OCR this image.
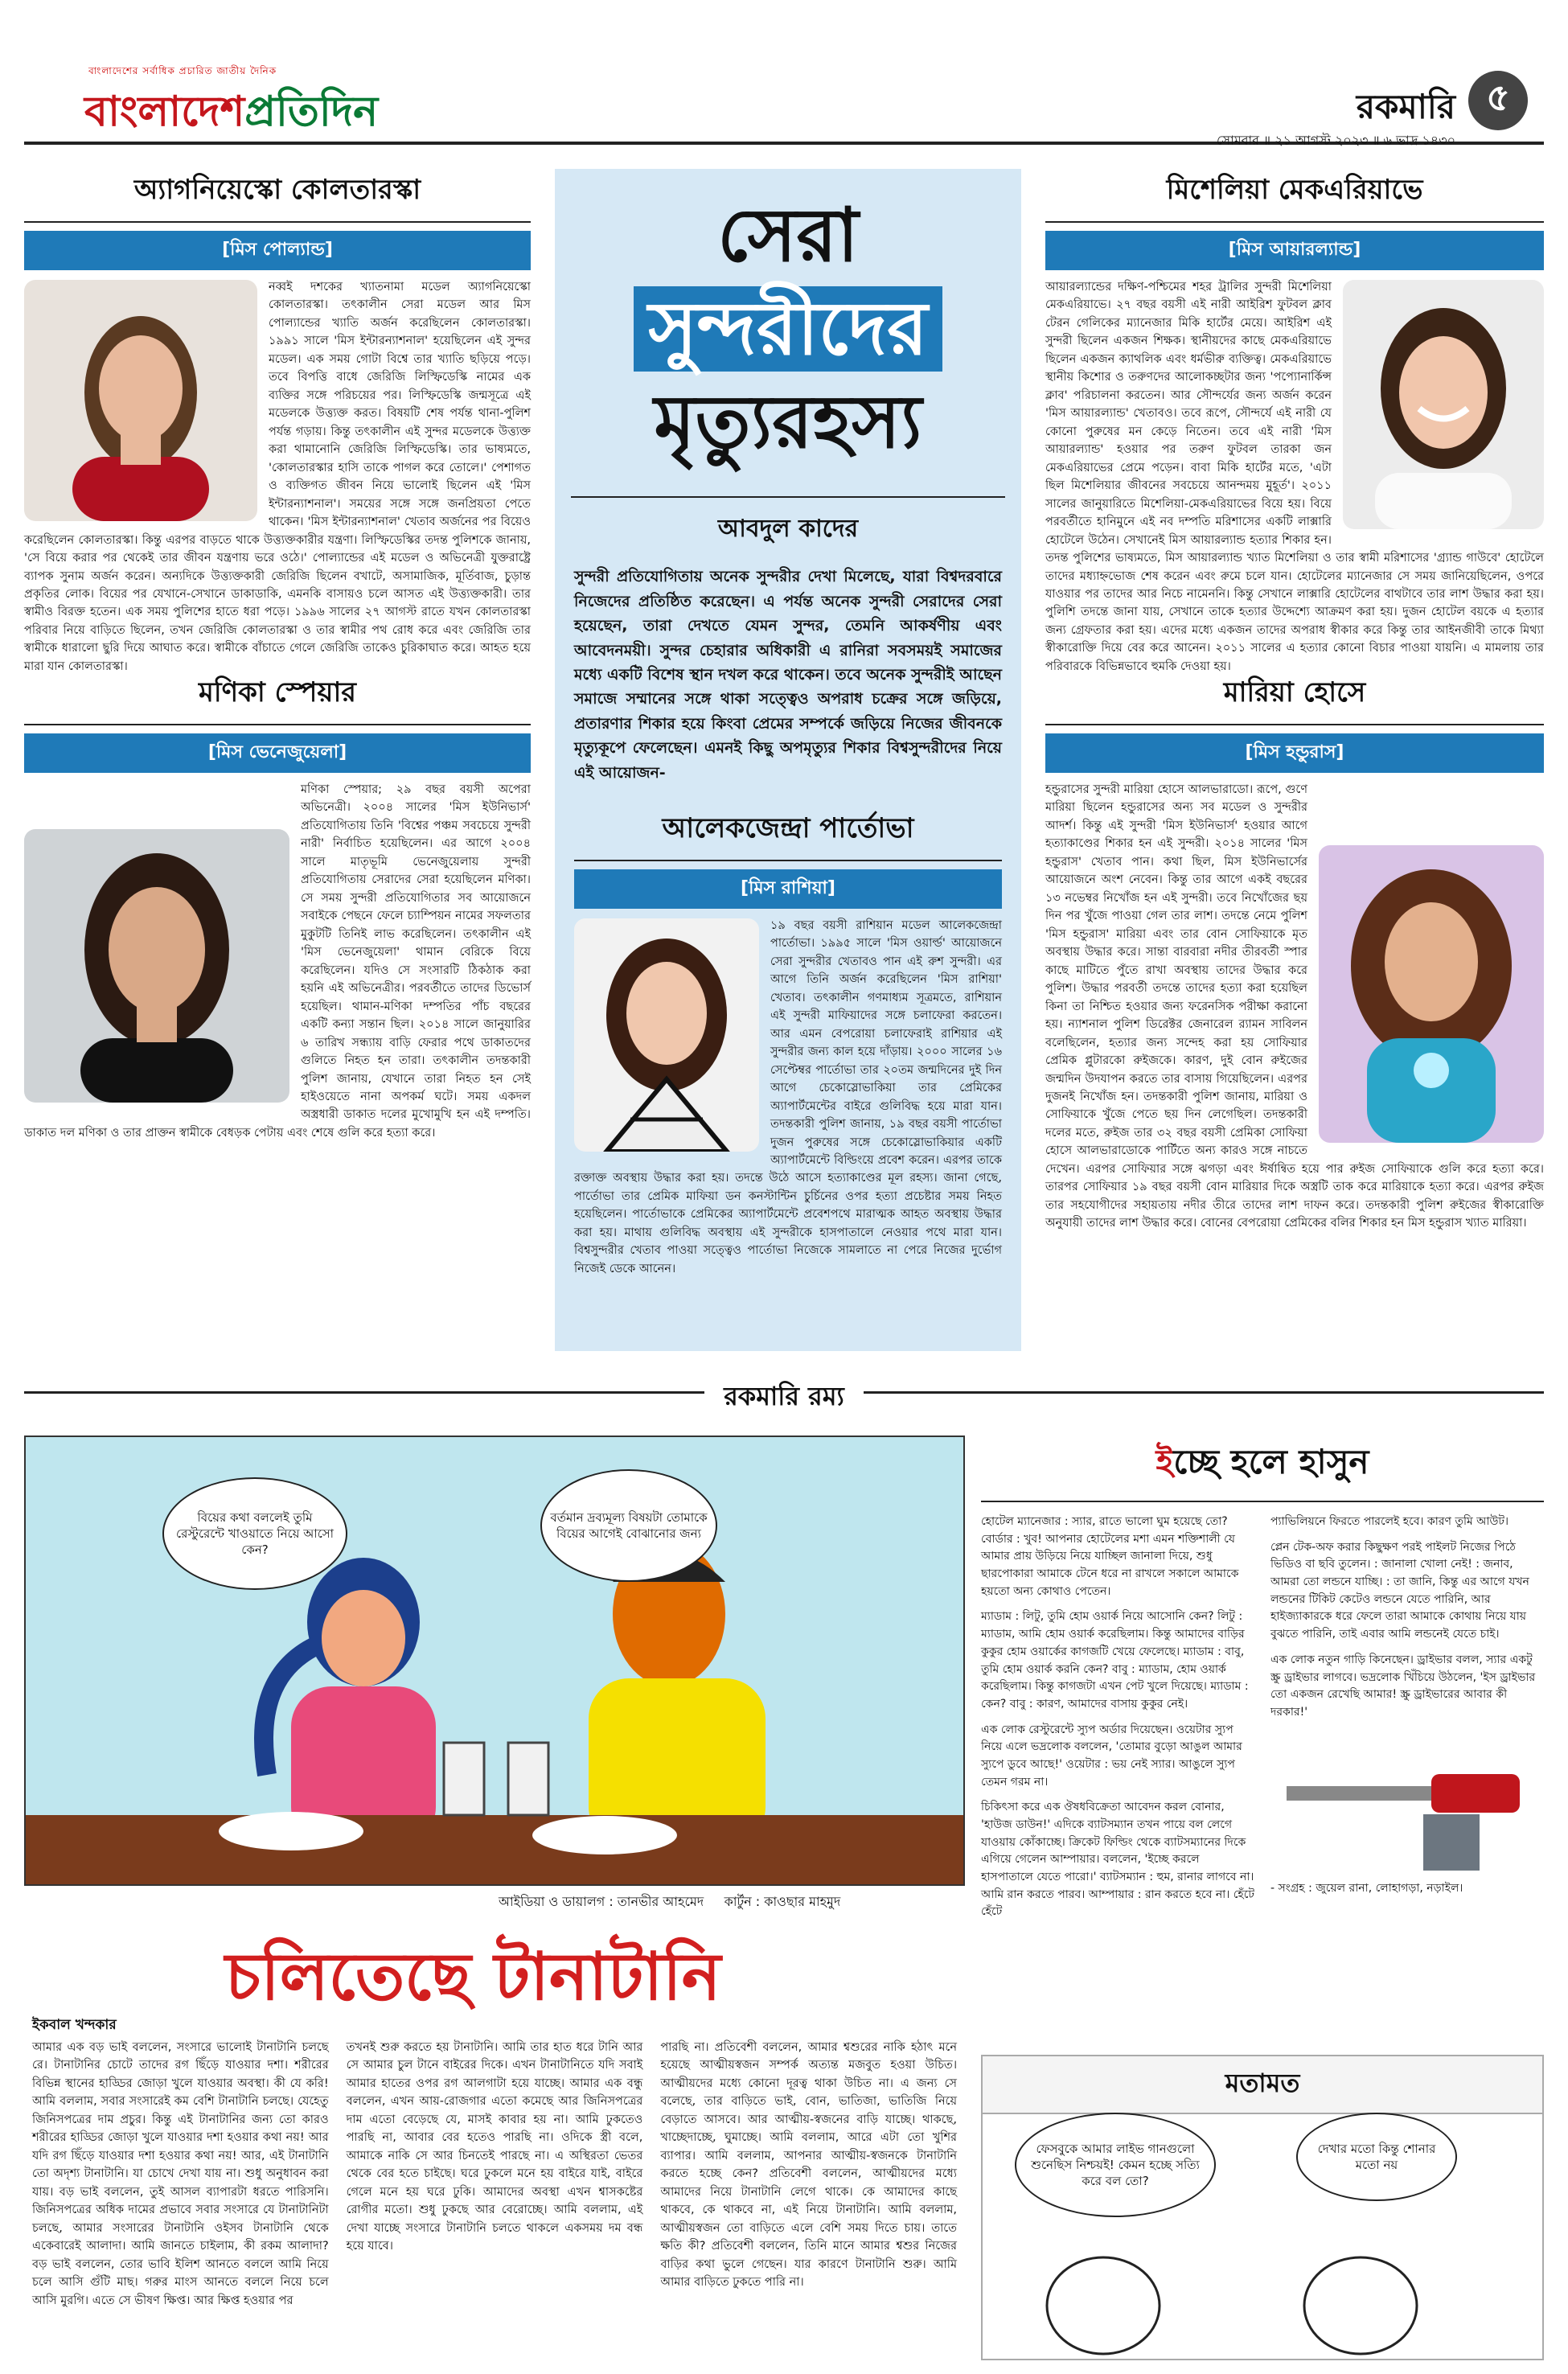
বাংলাদেশের সর্বাধিক প্রচারিত জাতীয় দৈনিক
বাংলাদেশপ্রতিদিন	রকমারি ৫
সোমবার ॥ ২১ আগস্ট ২০২৩ ॥ ৬ ভাদ্র ১৪৩০
অ্যাগনিয়েস্কো কোলতারস্কা
[মিস পোল্যান্ড]
নব্বই দশকের খ্যাতনামা মডেল অ্যাগনিয়েস্কো কোলতারস্কা। তৎকালীন সেরা মডেল আর মিস পোল্যান্ডের খ্যাতি অর্জন করেছিলেন কোলতারস্কা। ১৯৯১ সালে 'মিস ইন্টারন্যাশনাল' হয়েছিলেন এই সুন্দর মডেল। এক সময় গোটা বিশ্বে তার খ্যাতি ছড়িয়ে পড়ে। তবে বিপত্তি বাধে জেরিজি লিস্ফিডেস্কি নামের এক ব্যক্তির সঙ্গে পরিচয়ের পর। লিস্ফিডেস্কি জন্মসূত্রে এই মডেলকে উত্ত্যক্ত করত। বিষয়টি শেষ পর্যন্ত থানা-পুলিশ পর্যন্ত গড়ায়। কিন্তু তৎকালীন এই সুন্দর মডেলকে উত্ত্যক্ত করা থামানোনি জেরিজি লিস্ফিডেস্কি। তার ভাষ্যমতে, 'কোলতারস্কার হাসি তাকে পাগল করে তোলে।' পেশাগত ও ব্যক্তিগত জীবন নিয়ে ভালোই ছিলেন এই 'মিস ইন্টারন্যাশনাল'। সময়ের সঙ্গে সঙ্গে জনপ্রিয়তা পেতে থাকেন। 'মিস ইন্টারন্যাশনাল' খেতাব অর্জনের পর বিয়েও করেছিলেন কোলতারস্কা। কিন্তু এরপর বাড়তে থাকে উত্ত্যক্তকারীর যন্ত্রণা। লিস্ফিডেস্কির তদন্ত পুলিশকে জানায়, 'সে বিয়ে করার পর থেকেই তার জীবন যন্ত্রণায় ভরে ওঠে।' পোল্যান্ডের এই মডেল ও অভিনেত্রী যুক্তরাষ্ট্রে ব্যাপক সুনাম অর্জন করেন। অন্যদিকে উত্ত্যক্তকারী জেরিজি ছিলেন বখাটে, অসামাজিক, মূর্তিবাজ, চুড়ান্ত প্রকৃতির লোক। বিয়ের পর যেখানে-সেখানে ডাকাডাকি, এমনকি বাসায়ও চলে আসত এই উত্ত্যক্তকারী। তার স্বামীও বিরক্ত হতেন। এক সময় পুলিশের হাতে ধরা পড়ে। ১৯৯৬ সালের ২৭ আগস্ট রাতে যখন কোলতারস্কা পরিবার নিয়ে বাড়িতে ছিলেন, তখন জেরিজি কোলতারস্কা ও তার স্বামীর পথ রোধ করে এবং জেরিজি তার স্বামীকে ধারালো ছুরি দিয়ে আঘাত করে। স্বামীকে বাঁচাতে গেলে জেরিজি তাকেও চুরিকাঘাত করে। আহত হয়ে মারা যান কোলতারস্কা।
মণিকা স্পেয়ার
[মিস ভেনেজুয়েলা]
মণিকা স্পেয়ার; ২৯ বছর বয়সী অপেরা অভিনেত্রী। ২০০৪ সালের 'মিস ইউনিভার্স' প্রতিযোগিতায় তিনি 'বিশ্বের পঞ্চম সবচেয়ে সুন্দরী নারী' নির্বাচিত হয়েছিলেন। এর আগে ২০০৪ সালে মাতৃভূমি ভেনেজুয়েলায় সুন্দরী প্রতিযোগিতায় সেরাদের সেরা হয়েছিলেন মণিকা। সে সময় সুন্দরী প্রতিযোগিতার সব আয়োজনে সবাইকে পেছনে ফেলে চ্যাম্পিয়ন নামের সফলতার মুকুটটি তিনিই লাভ করেছিলেন। তৎকালীন এই 'মিস ভেনেজুয়েলা' থামান বেরিকে বিয়ে করেছিলেন। যদিও সে সংসারটি ঠিকঠাক করা হয়নি এই অভিনেত্রীর। পরবর্তীতে তাদের ডিভোর্স হয়েছিল। থামান-মণিকা দম্পতির পাঁচ বছরের একটি কন্যা সন্তান ছিল। ২০১৪ সালে জানুয়ারির ৬ তারিখ সন্ধ্যায় বাড়ি ফেরার পথে ডাকাতদের গুলিতে নিহত হন তারা। তৎকালীন তদন্তকারী পুলিশ জানায়, যেখানে তারা নিহত হন সেই হাইওয়েতে নানা অপকর্ম ঘটে। সময় একদল অস্ত্রধারী ডাকাত দলের মুখোমুখি হন এই দম্পতি। ডাকাত দল মণিকা ও তার প্রাক্তন স্বামীকে বেধড়ক পেটায় এবং শেষে গুলি করে হত্যা করে।
সেরা
সুন্দরীদের
মৃত্যুরহস্য
আবদুল কাদের
সুন্দরী প্রতিযোগিতায় অনেক সুন্দরীর দেখা মিলেছে, যারা বিশ্বদরবারে নিজেদের প্রতিষ্ঠিত করেছেন। এ পর্যন্ত অনেক সুন্দরী সেরাদের সেরা হয়েছেন, তারা দেখতে যেমন সুন্দর, তেমনি আকর্ষণীয় এবং আবেদনময়ী। সুন্দর চেহারার অধিকারী এ রানিরা সবসময়ই সমাজের মধ্যে একটি বিশেষ স্থান দখল করে থাকেন। তবে অনেক সুন্দরীই আছেন সমাজে সম্মানের সঙ্গে থাকা সত্ত্বেও অপরাধ চক্রের সঙ্গে জড়িয়ে, প্রতারণার শিকার হয়ে কিংবা প্রেমের সম্পর্কে জড়িয়ে নিজের জীবনকে মৃত্যুকূপে ফেলেছেন। এমনই কিছু অপমৃত্যুর শিকার বিশ্বসুন্দরীদের নিয়ে এই আয়োজন-
আলেকজেন্দ্রা পার্তোভা
[মিস রাশিয়া]
১৯ বছর বয়সী রাশিয়ান মডেল আলেকজেন্দ্রা পার্তোভা। ১৯৯৫ সালে 'মিস ওয়ার্ল্ড' আয়োজনে সেরা সুন্দরীর খেতাবও পান এই রুশ সুন্দরী। এর আগে তিনি অর্জন করেছিলেন 'মিস রাশিয়া' খেতাব। তৎকালীন গণমাধ্যম সূত্রমতে, রাশিয়ান এই সুন্দরী মাফিয়াদের সঙ্গে চলাফেরা করতেন। আর এমন বেপরোয়া চলাফেরাই রাশিয়ার এই সুন্দরীর জন্য কাল হয়ে দাঁড়ায়। ২০০০ সালের ১৬ সেপ্টেম্বর পার্তোভা তার ২০তম জন্মদিনের দুই দিন আগে চেকোস্লোভাকিয়া তার প্রেমিকের অ্যাপার্টমেন্টের বাইরে গুলিবিদ্ধ হয়ে মারা যান। তদন্তকারী পুলিশ জানায়, ১৯ বছর বয়সী পার্তোভা দুজন পুরুষের সঙ্গে চেকোস্লোভাকিয়ার একটি অ্যাপার্টমেন্টে বিল্ডিংয়ে প্রবেশ করেন। এরপর তাকে রক্তাক্ত অবস্থায় উদ্ধার করা হয়। তদন্তে উঠে আসে হত্যাকাণ্ডের মূল রহস্য। জানা গেছে, পার্তোভা তার প্রেমিক মাফিয়া ডন কনস্টান্টিন চুর্চিনের ওপর হত্যা প্রচেষ্টার সময় নিহত হয়েছিলেন। পার্তোভাকে প্রেমিকের অ্যাপার্টমেন্টে প্রবেশপথে মারাত্মক আহত অবস্থায় উদ্ধার করা হয়। মাথায় গুলিবিদ্ধ অবস্থায় এই সুন্দরীকে হাসপাতালে নেওয়ার পথে মারা যান। বিশ্বসুন্দরীর খেতাব পাওয়া সত্ত্বেও পার্তোভা নিজেকে সামলাতে না পেরে নিজের দুর্ভোগ নিজেই ডেকে আনেন।
মিশেলিয়া মেকএরিয়াভে
[মিস আয়ারল্যান্ড]
আয়ারল্যান্ডের দক্ষিণ-পশ্চিমের শহর ট্রালির সুন্দরী মিশেলিয়া মেকএরিয়াভে। ২৭ বছর বয়সী এই নারী আইরিশ ফুটবল ক্লাব টেরন গেলিকের ম্যানেজার মিকি হার্টের মেয়ে। আইরিশ এই সুন্দরী ছিলেন একজন শিক্ষক। স্থানীয়দের কাছে মেকএরিয়াভে ছিলেন একজন ক্যাথলিক এবং ধর্মভীরু ব্যক্তিত্ব। মেকএরিয়াভে স্থানীয় কিশোর ও তরুণদের আলোকচ্ছটার জন্য 'পপ্যোনার্কিন্স ক্লাব' পরিচালনা করতেন। আর সৌন্দর্যের জন্য অর্জন করেন 'মিস আয়ারল্যান্ড' খেতাবও। তবে রূপে, সৌন্দর্যে এই নারী যে কোনো পুরুষের মন কেড়ে নিতেন। তবে এই নারী 'মিস আয়ারল্যান্ড' হওয়ার পর তরুণ ফুটবল তারকা জন মেকএরিয়াভের প্রেমে পড়েন। বাবা মিকি হার্টের মতে, 'এটা ছিল মিশেলিয়ার জীবনের সবচেয়ে আনন্দময় মুহূর্ত'। ২০১১ সালের জানুয়ারিতে মিশেলিয়া-মেকএরিয়াভের বিয়ে হয়। বিয়ে পরবর্তীতে হানিমুনে এই নব দম্পতি মরিশাসের একটি লাক্সারি হোটেলে উঠেন। সেখানেই মিস আয়ারল্যান্ড হত্যার শিকার হন। তদন্ত পুলিশের ভাষ্যমতে, মিস আয়ারল্যান্ড খ্যাত মিশেলিয়া ও তার স্বামী মরিশাসের 'গ্র্যান্ড গাউবে' হোটেলে তাদের মধ্যাহ্নভোজ শেষ করেন এবং রুমে চলে যান। হোটেলের ম্যানেজার সে সময় জানিয়েছিলেন, ওপরে যাওয়ার পর তাদের আর নিচে নামেননি। কিন্তু সেখানে লাক্সারি হোটেলের বাথটাবে তার লাশ উদ্ধার করা হয়। পুলিশি তদন্তে জানা যায়, সেখানে তাকে হত্যার উদ্দেশ্যে আক্রমণ করা হয়। দুজন হোটেল বয়কে এ হত্যার জন্য গ্রেফতার করা হয়। এদের মধ্যে একজন তাদের অপরাধ স্বীকার করে কিন্তু তার আইনজীবী তাকে মিথ্যা স্বীকারোক্তি দিয়ে বের করে আনেন। ২০১১ সালের এ হত্যার কোনো বিচার পাওয়া যায়নি। এ মামলায় তার পরিবারকে বিভিন্নভাবে হুমকি দেওয়া হয়।
মারিয়া হোসে
[মিস হন্ডুরাস]
হন্ডুরাসের সুন্দরী মারিয়া হোসে আলভারাডো। রূপে, গুণে মারিয়া ছিলেন হন্ডুরাসের অন্য সব মডেল ও সুন্দরীর আদর্শ। কিন্তু এই সুন্দরী 'মিস ইউনিভার্স' হওয়ার আগে হত্যাকাণ্ডের শিকার হন এই সুন্দরী। ২০১৪ সালের 'মিস হন্ডুরাস' খেতাব পান। কথা ছিল, মিস ইউনিভার্সের আয়োজনে অংশ নেবেন। কিন্তু তার আগে একই বছরের ১৩ নভেম্বর নিখোঁজ হন এই সুন্দরী। তবে নিখোঁজের ছয় দিন পর খুঁজে পাওয়া গেল তার লাশ। তদন্তে নেমে পুলিশ 'মিস হন্ডুরাস' মারিয়া এবং তার বোন সোফিয়াকে মৃত অবস্থায় উদ্ধার করে। সান্তা বারবারা নদীর তীরবর্তী স্পার কাছে মাটিতে পুঁতে রাখা অবস্থায় তাদের উদ্ধার করে পুলিশ। উদ্ধার পরবর্তী তদন্তে তাদের হত্যা করা হয়েছিল কিনা তা নিশ্চিত হওয়ার জন্য ফরেনসিক পরীক্ষা করানো হয়। ন্যাশনাল পুলিশ ডিরেক্টর জেনারেল র‍্যামন সাবিলন বলেছিলেন, হত্যার জন্য সন্দেহ করা হয় সোফিয়ার প্রেমিক প্লুটারকো রুইজকে। কারণ, দুই বোন রুইজের জন্মদিন উদযাপন করতে তার বাসায় গিয়েছিলেন। এরপর দুজনই নিখোঁজ হন। তদন্তকারী পুলিশ জানায়, মারিয়া ও সোফিয়াকে খুঁজে পেতে ছয় দিন লেগেছিল। তদন্তকারী দলের মতে, রুইজ তার ৩২ বছর বয়সী প্রেমিকা সোফিয়া হোসে আলভারাডোকে পার্টিতে অন্য কারও সঙ্গে নাচতে দেখেন। এরপর সোফিয়ার সঙ্গে ঝগড়া এবং ঈর্ষান্বিত হয়ে পার রুইজ সোফিয়াকে গুলি করে হত্যা করে। তারপর সোফিয়ার ১৯ বছর বয়সী বোন মারিয়ার দিকে অস্ত্রটি তাক করে মারিয়াকে হত্যা করে। এরপর রুইজ তার সহযোগীদের সহায়তায় নদীর তীরে তাদের লাশ দাফন করে। তদন্তকারী পুলিশ রুইজের স্বীকারোক্তি অনুযায়ী তাদের লাশ উদ্ধার করে। বোনের বেপরোয়া প্রেমিকের বলির শিকার হন মিস হন্ডুরাস খ্যাত মারিয়া।
রকমারি রম্য
বিয়ের কথা বললেই তুমি রেস্টুরেন্টে খাওয়াতে নিয়ে আসো কেন?
বর্তমান দ্রব্যমূল্য বিষয়টা তোমাকে বিয়ের আগেই বোঝানোর জন্য
আইডিয়া ও ডায়ালগ : তানভীর আহমেদ কার্টুন : কাওছার মাহমুদ
ইচ্ছে হলে হাসুন

হোটেল ম্যানেজার : স্যার, রাতে ভালো ঘুম হয়েছে তো? বোর্ডার : খুব! আপনার হোটেলের মশা এমন শক্তিশালী যে আমার প্রায় উড়িয়ে নিয়ে যাচ্ছিল জানালা দিয়ে, শুধু ছারপোকারা আমাকে টেনে ধরে না রাখলে সকালে আমাকে হয়তো অন্য কোথাও পেতেন।

ম্যাডাম : লিটু, তুমি হোম ওয়ার্ক নিয়ে আসোনি কেন? লিটু : ম্যাডাম, আমি হোম ওয়ার্ক করেছিলাম। কিন্তু আমাদের বাড়ির কুকুর হোম ওয়ার্কের কাগজটি খেয়ে ফেলেছে। ম্যাডাম : বাবু, তুমি হোম ওয়ার্ক করনি কেন? বাবু : ম্যাডাম, হোম ওয়ার্ক করেছিলাম। কিন্তু কাগজটা এখন পেট খুলে দিয়েছে। ম্যাডাম : কেন? বাবু : কারণ, আমাদের বাসায় কুকুর নেই।

এক লোক রেস্টুরেন্টে স্যুপ অর্ডার দিয়েছেন। ওয়েটার স্যুপ নিয়ে এলে ভদ্রলোক বললেন, 'তোমার বুড়ো আঙুল আমার স্যুপে ডুবে আছে!' ওয়েটার : ভয় নেই স্যার। আঙুলে স্যুপ তেমন গরম না।

চিকিৎসা করে এক ঔষধবিক্রেতা আবেদন করল বোনার, 'হাউজ ডাউন!' এদিকে ব্যাটসম্যান তখন পায়ে বল লেগে যাওয়ায় কোঁকাচ্ছে। ক্রিকেট ফিল্ডিং থেকে ব্যাটসম্যানের দিকে এগিয়ে গেলেন আম্পায়ার। বললেন, 'ইচ্ছে করলে হাসপাতালে যেতে পারো।' ব্যাটসম্যান : হুম, রানার লাগবে না। আমি রান করতে পারব। আম্পায়ার : রান করতে হবে না। হেঁটে হেঁটে

প্যাভিলিয়নে ফিরতে পারলেই হবে। কারণ তুমি আউট।

প্লেন টেক-অফ করার কিছুক্ষণ পরই পাইলট নিজের পিঠে ভিডিও বা ছবি তুলেন। : জানালা খোলা নেই! : জনাব, আমরা তো লন্ডনে যাচ্ছি। : তা জানি, কিন্তু এর আগে যখন লন্ডনের টিকিট কেটেও লন্ডনে যেতে পারিনি, আর হাইজ্যাকারকে ধরে ফেলে তারা আমাকে কোথায় নিয়ে যায় বুঝতে পারিনি, তাই এবার আমি লন্ডনেই যেতে চাই।

এক লোক নতুন গাড়ি কিনেছেন। ড্রাইভার বলল, স্যার একটু স্ক্রু ড্রাইভার লাগবে। ভদ্রলোক খিঁচিয়ে উঠলেন, 'ইস ড্রাইভার তো একজন রেখেছি আমার! স্ক্রু ড্রাইভারের আবার কী দরকার!'

- সংগ্রহ : জুয়েল রানা, লোহাগড়া, নড়াইল।

চলিতেছে টানাটানি
ইকবাল খন্দকার
আমার এক বড় ভাই বললেন, সংসারে ভালোই টানাটানি চলছে রে। টানাটানির চোটে তাদের রগ ছিঁড়ে যাওয়ার দশা। শরীরের বিভিন্ন স্থানের হাড্ডির জোড়া খুলে যাওয়ার অবস্থা। কী যে করি! আমি বললাম, সবার সংসারেই কম বেশি টানাটানি চলছে। যেহেতু জিনিসপত্রের দাম প্রচুর। কিন্তু এই টানাটানির জন্য তো কারও শরীরের হাড্ডির জোড়া খুলে যাওয়ার দশা হওয়ার কথা নয়! আর যদি রগ ছিঁড়ে যাওয়ার দশা হওয়ার কথা নয়! আর, এই টানাটানি তো অদৃশ্য টানাটানি। যা চোখে দেখা যায় না। শুধু অনুধাবন করা যায়। বড় ভাই বললেন, তুই আসল ব্যাপারটা ধরতে পারিসনি। জিনিসপত্রের অধিক দামের প্রভাবে সবার সংসারে যে টানাটানিটা চলছে, আমার সংসারের টানাটানি ওইসব টানাটানি থেকে একেবারেই আলাদা। আমি জানতে চাইলাম, কী রকম আলাদা? বড় ভাই বললেন, তোর ভাবি ইলিশ আনতে বললে আমি নিয়ে চলে আসি গুঁটি মাছ। গরুর মাংস আনতে বললে নিয়ে চলে আসি মুরগি। এতে সে ভীষণ ক্ষিপ্ত। আর ক্ষিপ্ত হওয়ার পর
তখনই শুরু করতে হয় টানাটানি। আমি তার হাত ধরে টানি আর সে আমার চুল টানে বাইরের দিকে। এখন টানাটানিতে যদি সবাই আমার হাতের ওপর রগ আলগাটা হয়ে যাচ্ছে। আমার এক বন্ধু বললেন, এখন আয়-রোজগার এতো কমেছে আর জিনিসপত্রের দাম এতো বেড়েছে যে, মাসই কাবার হয় না। আমি ঢুকতেও পারছি না, আবার বের হতেও পারছি না। ওদিকে স্ত্রী বলে, আমাকে নাকি সে আর চিনতেই পারছে না। এ অস্থিরতা ভেতর থেকে বের হতে চাইছে। ঘরে ঢুকলে মনে হয় বাইরে যাই, বাইরে গেলে মনে হয় ঘরে ঢুকি। আমাদের অবস্থা এখন শ্বাসকষ্টের রোগীর মতো। শুধু ঢুকছে আর বেরোচ্ছে। আমি বললাম, এই দেখা যাচ্ছে সংসারে টানাটানি চলতে থাকলে একসময় দম বন্ধ হয়ে যাবে।
পারছি না। প্রতিবেশী বললেন, আমার শ্বশুরের নাকি হঠাৎ মনে হয়েছে আত্মীয়স্বজন সম্পর্ক অত্যন্ত মজবুত হওয়া উচিত। আত্মীয়দের মধ্যে কোনো দূরত্ব থাকা উচিত না। এ জন্য সে বলেছে, তার বাড়িতে ভাই, বোন, ভাতিজা, ভাতিজি নিয়ে বেড়াতে আসবে। আর আত্মীয়-স্বজনের বাড়ি যাচ্ছে। থাকছে, খাচ্ছেদাচ্ছে, ঘুমাচ্ছে। আমি বললাম, আরে এটা তো খুশির ব্যাপার। আমি বললাম, আপনার আত্মীয়-স্বজনকে টানাটানি করতে হচ্ছে কেন? প্রতিবেশী বললেন, আত্মীয়দের মধ্যে আমাদের নিয়ে টানাটানি লেগে থাকে। কে আমাদের কাছে থাকবে, কে থাকবে না, এই নিয়ে টানাটানি। আমি বললাম, আত্মীয়স্বজন তো বাড়িতে এলে বেশি সময় দিতে চায়। তাতে ক্ষতি কী? প্রতিবেশী বললেন, তিনি মানে আমার শ্বশুর নিজের বাড়ির কথা ভুলে গেছেন। যার কারণে টানাটানি শুরু। আমি আমার বাড়িতে ঢুকতে পারি না।
মতামত
ফেসবুকে আমার লাইভ গানগুলো শুনেছিস নিশ্চয়ই! কেমন হচ্ছে সত্যি করে বল তো?
দেখার মতো কিন্তু শোনার মতো নয়
